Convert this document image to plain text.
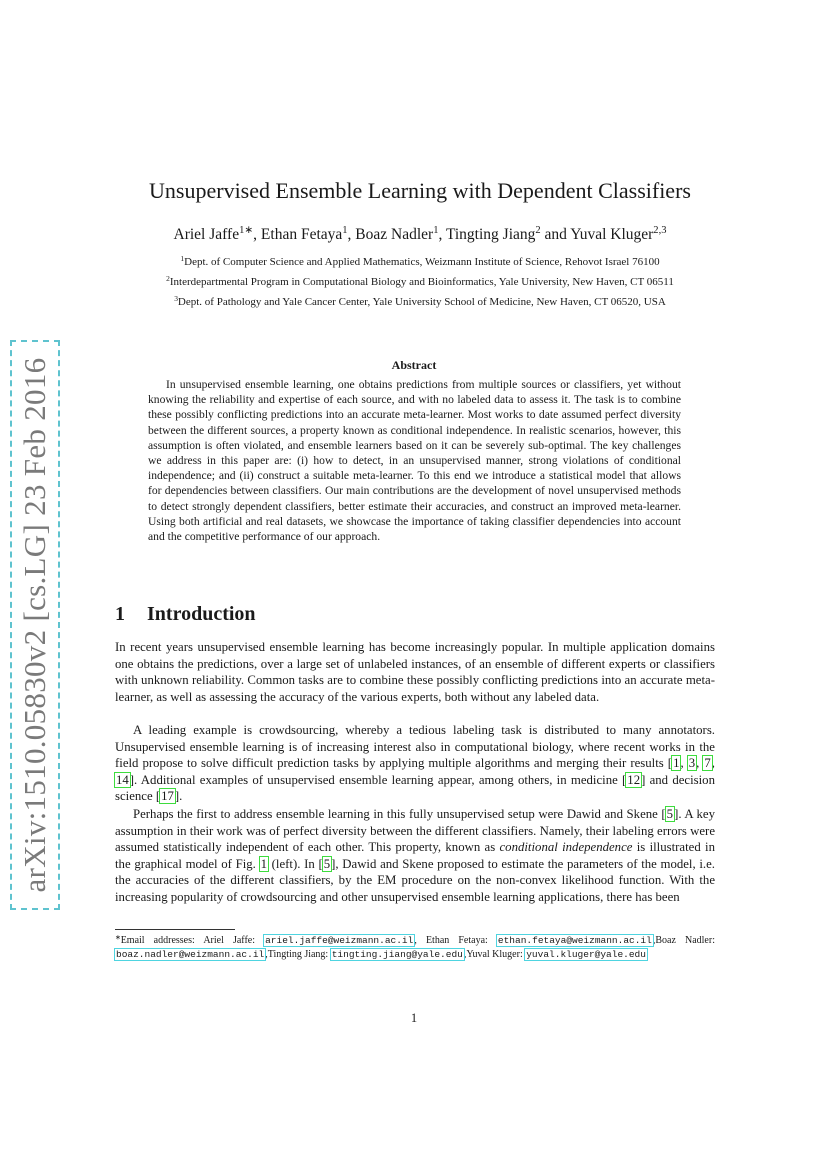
arXiv:1510.05830v2 [cs.LG] 23 Feb 2016
Unsupervised Ensemble Learning with Dependent Classifiers
Ariel Jaffe$^{1∗}$, Ethan Fetaya$^1$, Boaz Nadler$^1$, Tingting Jiang$^2$ and Yuval Kluger$^{2,3}$
$^1$Dept. of Computer Science and Applied Mathematics, Weizmann Institute of Science, Rehovot Israel 76100
$^2$Interdepartmental Program in Computational Biology and Bioinformatics, Yale University, New Haven, CT 06511
$^3$Dept. of Pathology and Yale Cancer Center, Yale University School of Medicine, New Haven, CT 06520, USA
Abstract

In unsupervised ensemble learning, one obtains predictions from multiple sources or classifiers, yet without knowing the reliability and expertise of each source, and with no labeled data to assess it. The task is to combine these possibly conflicting predictions into an accurate meta-learner. Most works to date assumed perfect diversity between the different sources, a property known as conditional independence. In realistic scenarios, however, this assumption is often violated, and ensemble learners based on it can be severely sub-optimal. The key challenges we address in this paper are: (i) how to detect, in an unsupervised manner, strong violations of conditional independence; and (ii) construct a suitable meta-learner. To this end we introduce a statistical model that allows for dependencies between classifiers. Our main contributions are the development of novel unsupervised methods to detect strongly dependent classifiers, better estimate their accuracies, and construct an improved meta-learner. Using both artificial and real datasets, we showcase the importance of taking classifier dependencies into account and the competitive performance of our approach.

1 Introduction

In recent years unsupervised ensemble learning has become increasingly popular. In multiple application domains one obtains the predictions, over a large set of unlabeled instances, of an ensemble of different experts or classifiers with unknown reliability. Common tasks are to combine these possibly conflicting predictions into an accurate meta-learner, as well as assessing the accuracy of the various experts, both without any labeled data.

A leading example is crowdsourcing, whereby a tedious labeling task is distributed to many annotators. Unsupervised ensemble learning is of increasing interest also in computational biology, where recent works in the field propose to solve difficult prediction tasks by applying multiple algorithms and merging their results [1, 3, 7, 14]. Additional examples of unsupervised ensemble learning appear, among others, in medicine [12] and decision science [17].

Perhaps the first to address ensemble learning in this fully unsupervised setup were Dawid and Skene [5]. A key assumption in their work was of perfect diversity between the different classifiers. Namely, their labeling errors were assumed statistically independent of each other. This property, known as conditional independence is illustrated in the graphical model of Fig. 1 (left). In [5], Dawid and Skene proposed to estimate the parameters of the model, i.e. the accuracies of the different classifiers, by the EM procedure on the non-convex likelihood function. With the increasing popularity of crowdsourcing and other unsupervised ensemble learning applications, there has been

∗Email addresses: Ariel Jaffe: ariel.jaffe@weizmann.ac.il, Ethan Fetaya: ethan.fetaya@weizmann.ac.il,Boaz Nadler: boaz.nadler@weizmann.ac.il,Tingting Jiang: tingting.jiang@yale.edu,Yuval Kluger: yuval.kluger@yale.edu

1
